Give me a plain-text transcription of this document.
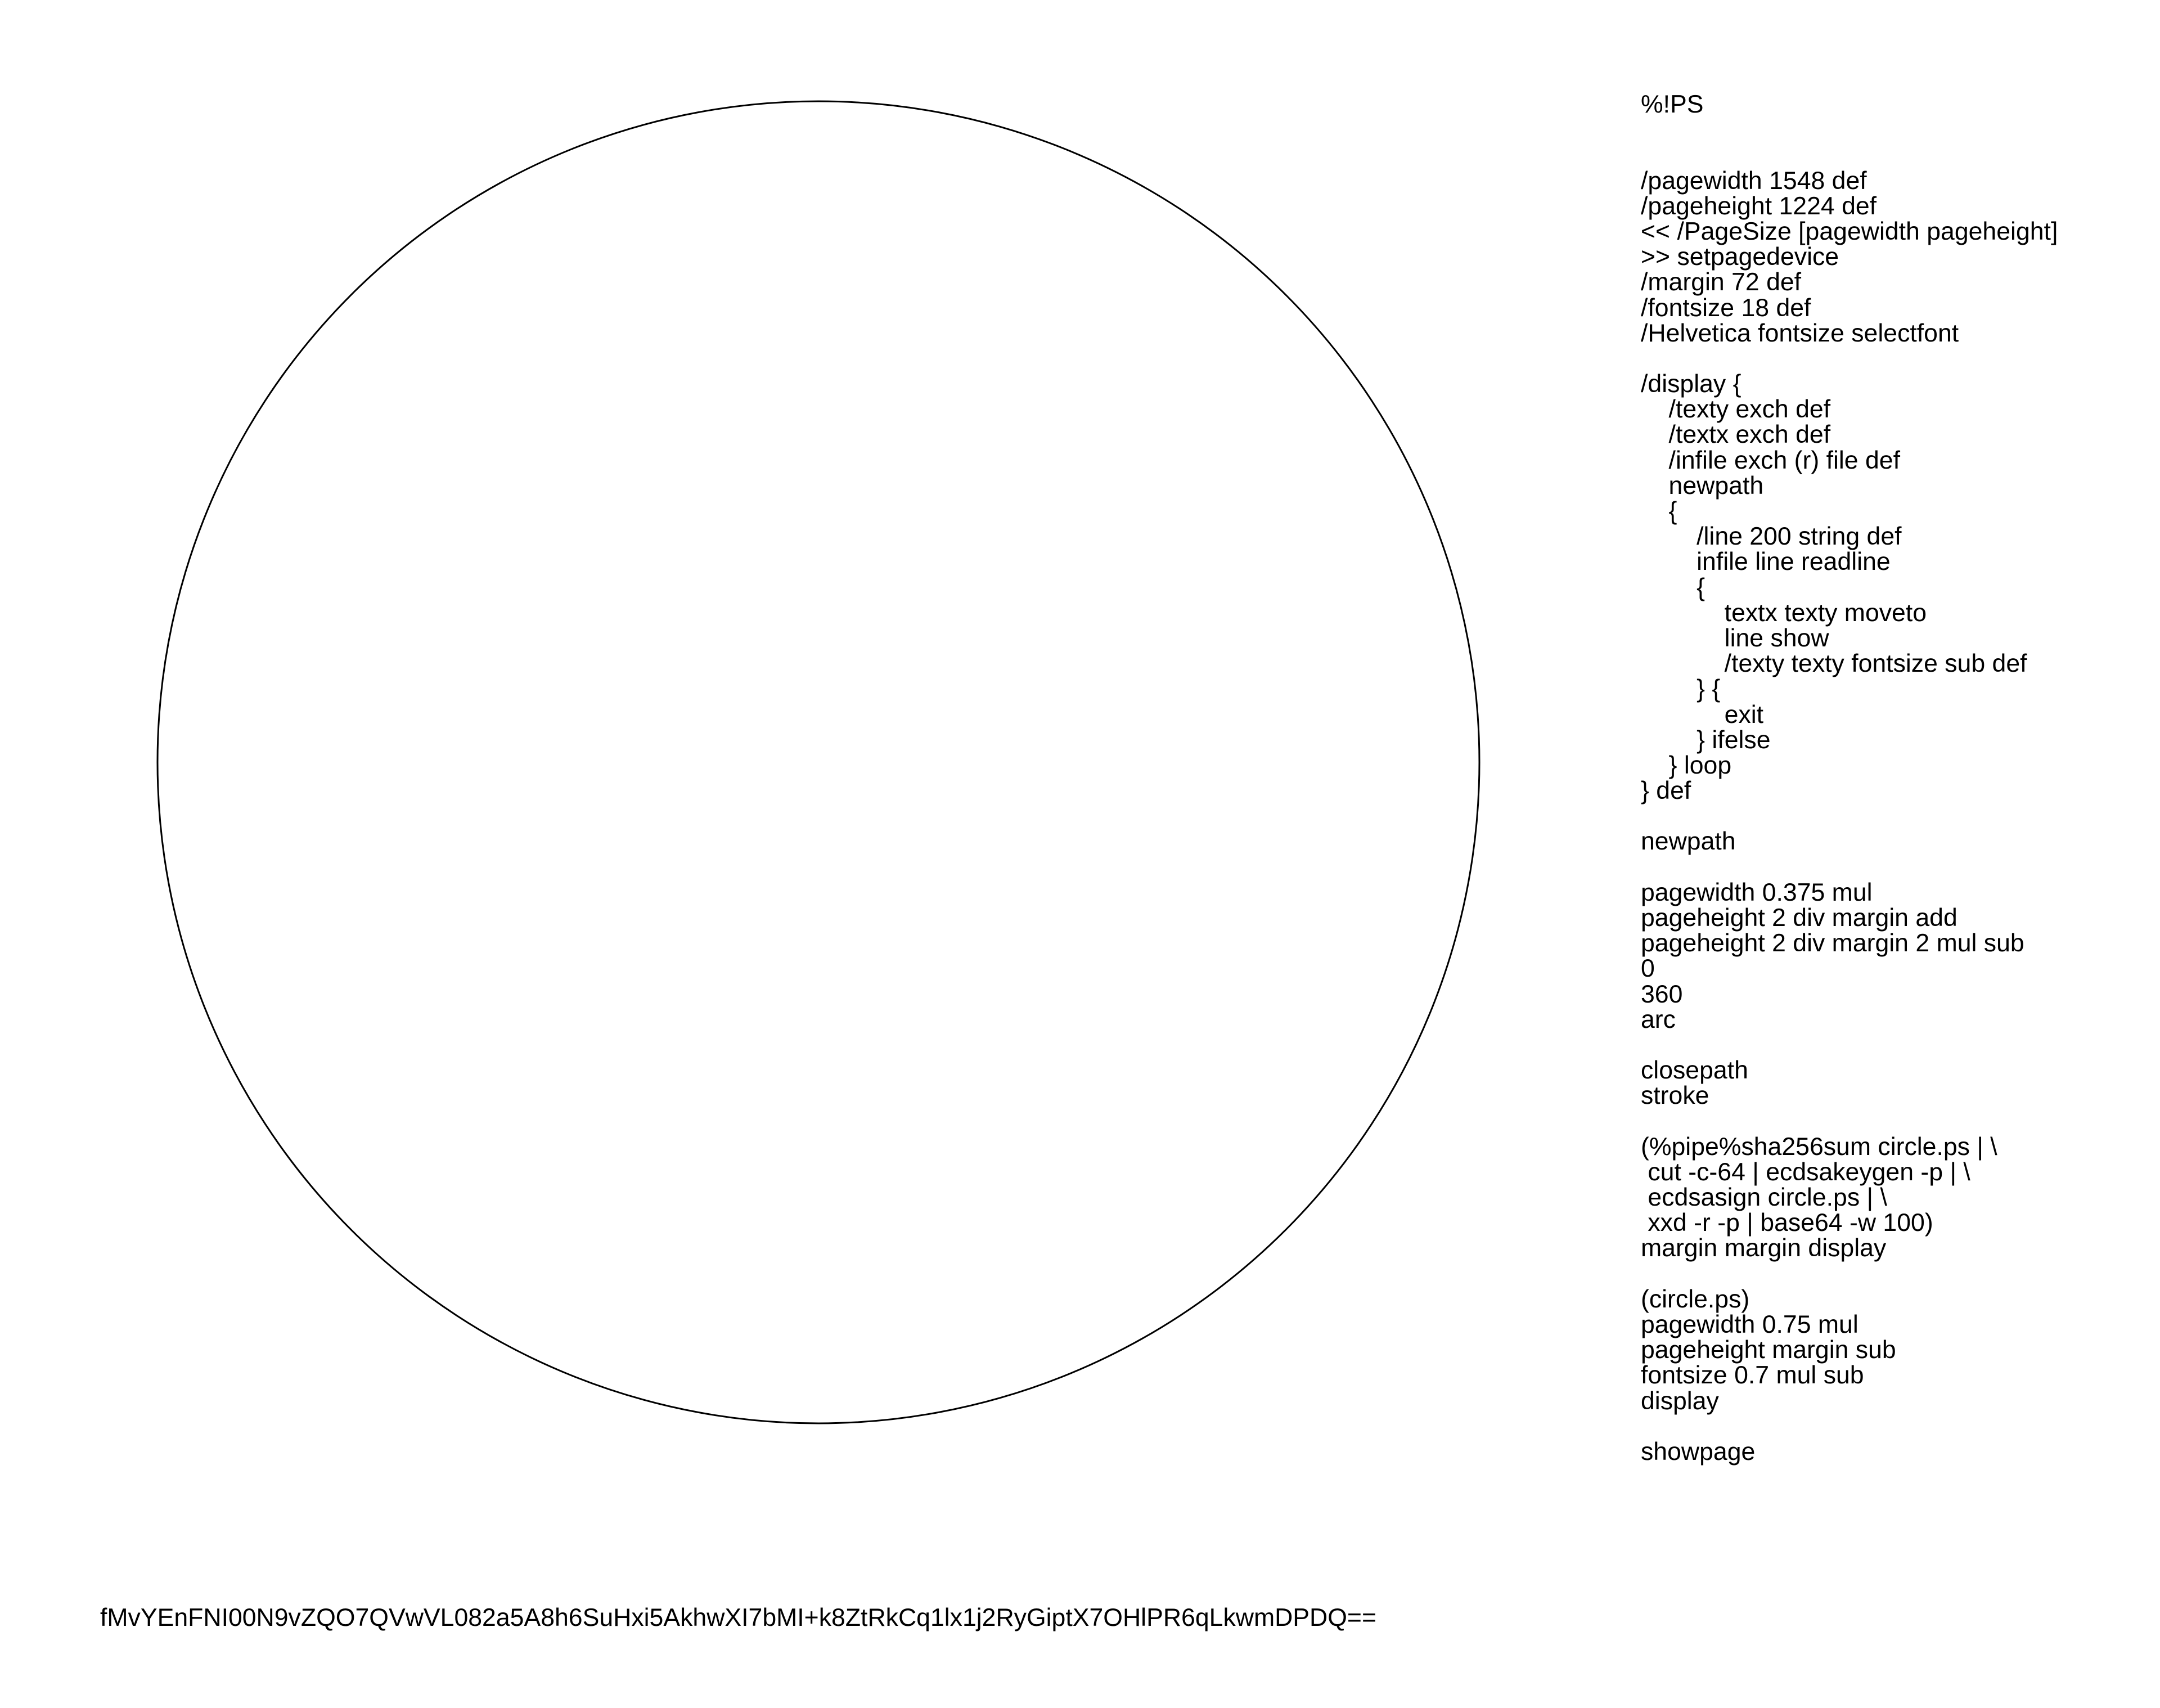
%!PS
/pagewidth 1548 def
/pageheight 1224 def
<< /PageSize [pagewidth pageheight]
>> setpagedevice
/margin 72 def
/fontsize 18 def
/Helvetica fontsize selectfont
/display {
/texty exch def
/textx exch def
/infile exch (r) file def
newpath
{
/line 200 string def
infile line readline
{
textx texty moveto
line show
/texty texty fontsize sub def
} {
exit
} ifelse
} loop
} def
newpath
pagewidth 0.375 mul
pageheight 2 div margin add
pageheight 2 div margin 2 mul sub
0
360
arc
closepath
stroke
(%pipe%sha256sum circle.ps | \
cut -c-64 | ecdsakeygen -p | \
ecdsasign circle.ps | \
xxd -r -p | base64 -w 100)
margin margin display
(circle.ps)
pagewidth 0.75 mul
pageheight margin sub
fontsize 0.7 mul sub
display
showpage
fMvYEnFNI00N9vZQO7QVwVL082a5A8h6SuHxi5AkhwXI7bMI+k8ZtRkCq1lx1j2RyGiptX7OHlPR6qLkwmDPDQ==
